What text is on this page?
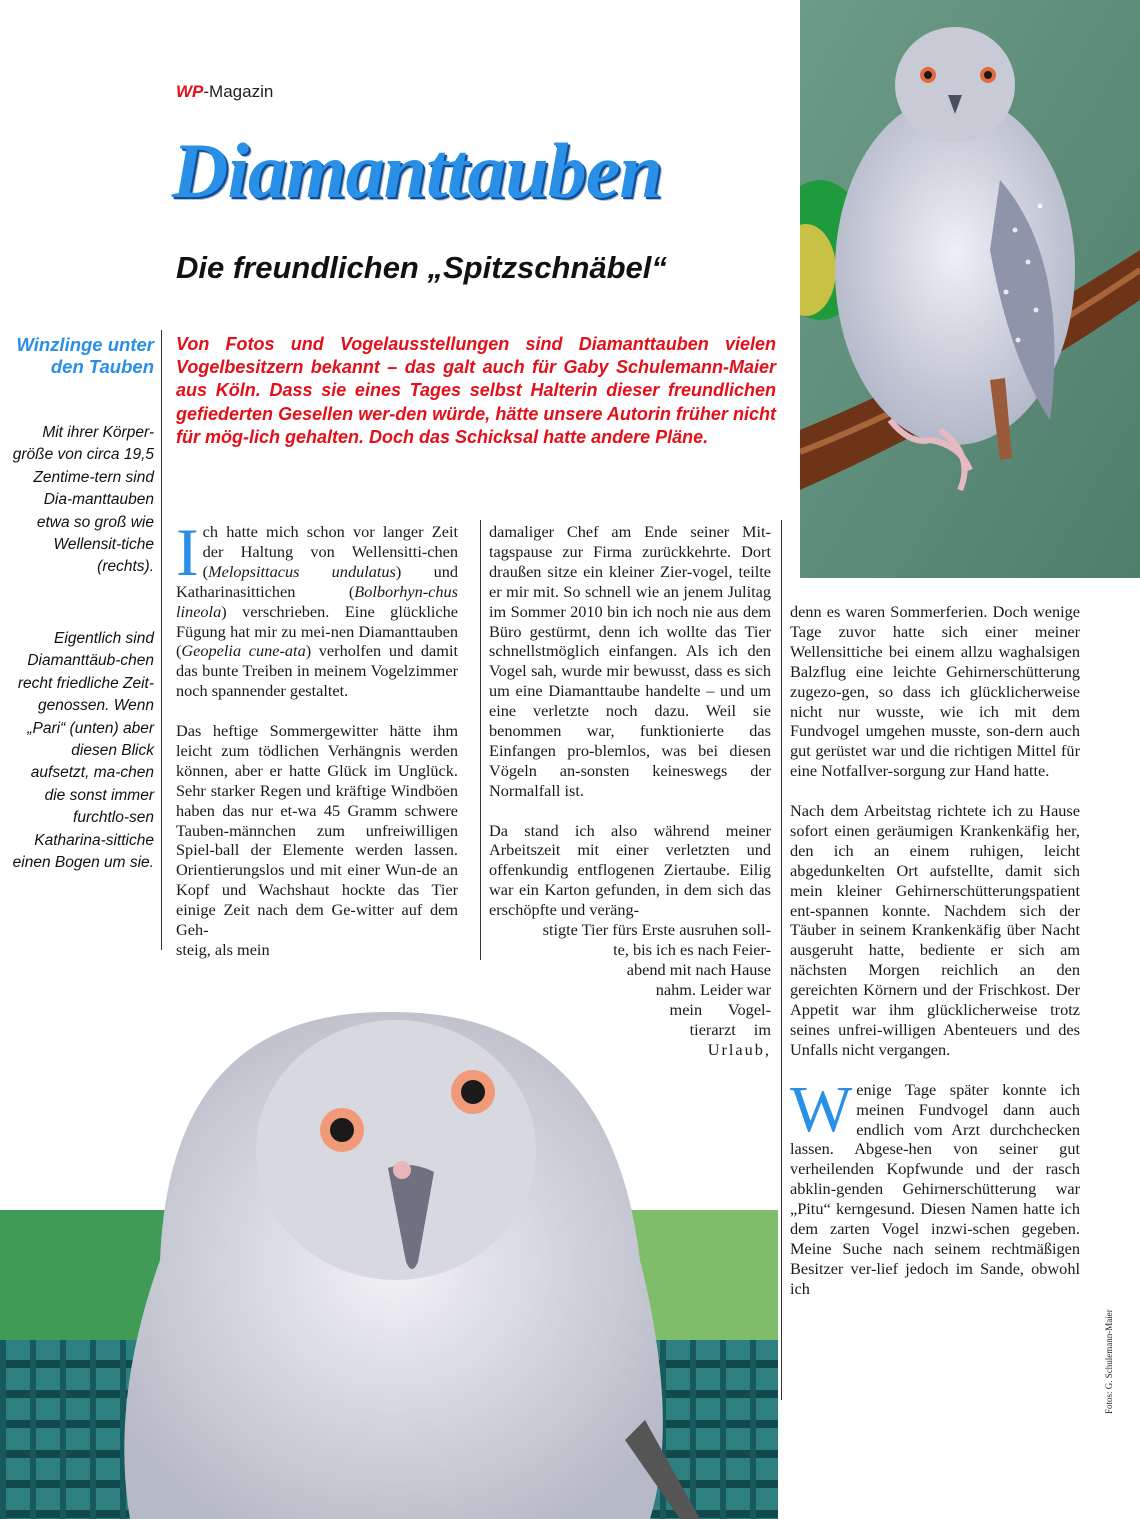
WP-Magazin
Diamanttauben
Die freundlichen „Spitzschnäbel“
Winzlinge unter den Tauben
Mit ihrer Körper-größe von circa 19,5 Zentime-tern sind Dia-manttauben etwa so groß wie Wellensit-tiche (rechts).
Eigentlich sind Diamanttäub-chen recht friedliche Zeit-genossen. Wenn „Pari“ (unten) aber diesen Blick aufsetzt, ma-chen die sonst immer furchtlo-sen Katharina-sittiche einen Bogen um sie.
Von Fotos und Vogelausstellungen sind Diamanttauben vielen Vogelbesitzern bekannt – das galt auch für Gaby Schulemann-Maier aus Köln. Dass sie eines Tages selbst Halterin dieser freundlichen gefiederten Gesellen wer-den würde, hätte unsere Autorin früher nicht für mög-lich gehalten. Doch das Schicksal hatte andere Pläne.

Ich hatte mich schon vor langer Zeit der Haltung von Wellensitti-chen (Melopsittacus undulatus) und Katharinasittichen (Bolborhyn-chus lineola) verschrieben. Eine glückliche Fügung hat mir zu mei-nen Diamanttauben (Geopelia cune-ata) verholfen und damit das bunte Treiben in meinem Vogelzimmer noch spannender gestaltet.

Das heftige Sommergewitter hätte ihm leicht zum tödlichen Verhängnis werden können, aber er hatte Glück im Unglück. Sehr starker Regen und kräftige Windböen haben das nur et-wa 45 Gramm schwere Tauben-männchen zum unfreiwilligen Spiel-ball der Elemente werden lassen. Orientierungslos und mit einer Wun-de an Kopf und Wachshaut hockte das Tier einige Zeit nach dem Ge-witter auf dem Geh-

steig, als mein

damaliger Chef am Ende seiner Mit-tagspause zur Firma zurückkehrte. Dort draußen sitze ein kleiner Zier-vogel, teilte er mir mit. So schnell wie an jenem Julitag im Sommer 2010 bin ich noch nie aus dem Büro gestürmt, denn ich wollte das Tier schnellstmöglich einfangen. Als ich den Vogel sah, wurde mir bewusst, dass es sich um eine Diamanttaube handelte – und um eine verletzte noch dazu. Weil sie benommen war, funktionierte das Einfangen pro-blemlos, was bei diesen Vögeln an-sonsten keineswegs der Normalfall ist.

Da stand ich also während meiner Arbeitszeit mit einer verletzten und offenkundig entflogenen Ziertaube. Eilig war ein Karton gefunden, in dem sich das erschöpfte und veräng-

stigte Tier fürs Erste ausruhen soll-
te, bis ich es nach Feier-
abend mit nach Hause
nahm. Leider war
mein Vogel-
tierarzt im
Urlaub,

denn es waren Sommerferien. Doch wenige Tage zuvor hatte sich einer meiner Wellensittiche bei einem allzu waghalsigen Balzflug eine leichte Gehirnerschütterung zugezo-gen, so dass ich glücklicherweise nicht nur wusste, wie ich mit dem Fundvogel umgehen musste, son-dern auch gut gerüstet war und die richtigen Mittel für eine Notfallver-sorgung zur Hand hatte.

Nach dem Arbeitstag richtete ich zu Hause sofort einen geräumigen Krankenkäfig her, den ich an einem ruhigen, leicht abgedunkelten Ort aufstellte, damit sich mein kleiner Gehirnerschütterungspatient ent-spannen konnte. Nachdem sich der Täuber in seinem Krankenkäfig über Nacht ausgeruht hatte, bediente er sich am nächsten Morgen reichlich an den gereichten Körnern und der Frischkost. Der Appetit war ihm glücklicherweise trotz seines unfrei-willigen Abenteuers und des Unfalls nicht vergangen.

Wenige Tage später konnte ich meinen Fundvogel dann auch endlich vom Arzt durchchecken lassen. Abgese-hen von seiner gut verheilenden Kopfwunde und der rasch abklin-genden Gehirnerschütterung war „Pitu“ kerngesund. Diesen Namen hatte ich dem zarten Vogel inzwi-schen gegeben. Meine Suche nach seinem rechtmäßigen Besitzer ver-lief jedoch im Sande, obwohl ich

Fotos: G. Schulemann-Maier
